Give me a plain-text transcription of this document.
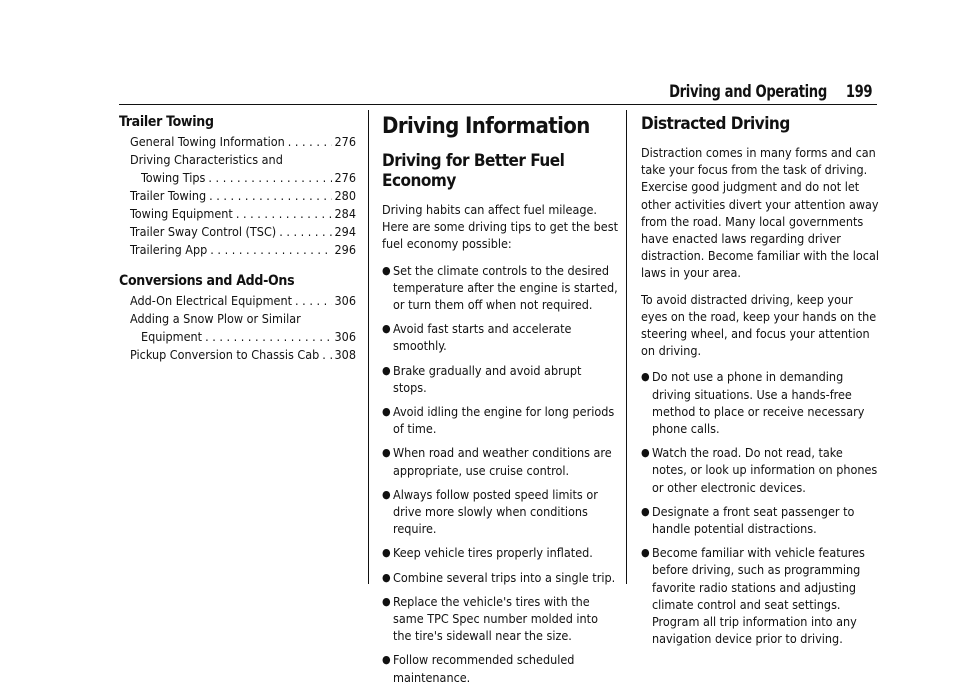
Driving and Operating 199
Trailer Towing
General Towing Information . . .	276
Driving Characteristics and
Towing Tips . . .	276
Trailer Towing . . .	280
Towing Equipment . . .	284
Trailer Sway Control (TSC) . . .	294
Trailering App . . .	296
Conversions and Add-Ons
Add-On Electrical Equipment . . .	306
Adding a Snow Plow or Similar
Equipment . . .	306
Pickup Conversion to Chassis Cab . . . 308
Driving Information
Driving for Better Fuel Economy

Driving habits can affect fuel mileage. Here are some driving tips to get the best fuel economy possible:

● Set the climate controls to the desired temperature after the engine is started, or turn them off when not required.
● Avoid fast starts and accelerate smoothly.
● Brake gradually and avoid abrupt stops.
● Avoid idling the engine for long periods of time.
● When road and weather conditions are appropriate, use cruise control.
● Always follow posted speed limits or drive more slowly when conditions require.
● Keep vehicle tires properly inflated.
● Combine several trips into a single trip.
● Replace the vehicle's tires with the same TPC Spec number molded into the tire's sidewall near the size.
● Follow recommended scheduled maintenance.
Distracted Driving

Distraction comes in many forms and can take your focus from the task of driving. Exercise good judgment and do not let other activities divert your attention away from the road. Many local governments have enacted laws regarding driver distraction. Become familiar with the local laws in your area.

To avoid distracted driving, keep your eyes on the road, keep your hands on the steering wheel, and focus your attention on driving.

● Do not use a phone in demanding driving situations. Use a hands-free method to place or receive necessary phone calls.
● Watch the road. Do not read, take notes, or look up information on phones or other electronic devices.
● Designate a front seat passenger to handle potential distractions.
● Become familiar with vehicle features before driving, such as programming favorite radio stations and adjusting climate control and seat settings. Program all trip information into any navigation device prior to driving.
